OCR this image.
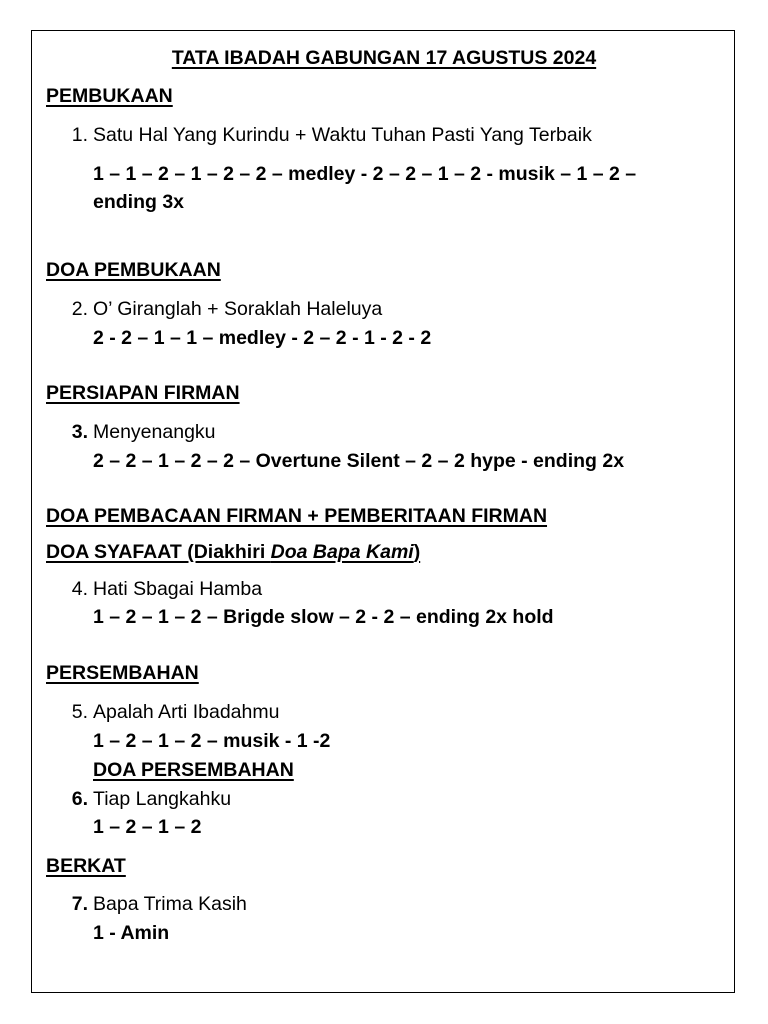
TATA IBADAH GABUNGAN 17 AGUSTUS 2024
PEMBUKAAN
1. Satu Hal Yang Kurindu + Waktu Tuhan Pasti Yang Terbaik
1 – 1 – 2 – 1 – 2 – 2 – medley - 2 – 2 – 1 – 2 - musik – 1 – 2 –
ending 3x
DOA PEMBUKAAN
2. O’ Giranglah + Soraklah Haleluya
2 - 2 – 1 – 1 – medley - 2 – 2 - 1 - 2 - 2
PERSIAPAN FIRMAN
3. Menyenangku
2 – 2 – 1 – 2 – 2 – Overtune Silent – 2 – 2 hype - ending 2x
DOA PEMBACAAN FIRMAN + PEMBERITAAN FIRMAN
DOA SYAFAAT (Diakhiri Doa Bapa Kami)
4. Hati Sbagai Hamba
1 – 2 – 1 – 2 – Brigde slow – 2 - 2 – ending 2x hold
PERSEMBAHAN
5. Apalah Arti Ibadahmu
1 – 2 – 1 – 2 – musik - 1 -2
DOA PERSEMBAHAN
6. Tiap Langkahku
1 – 2 – 1 – 2
BERKAT
7. Bapa Trima Kasih
1 - Amin
